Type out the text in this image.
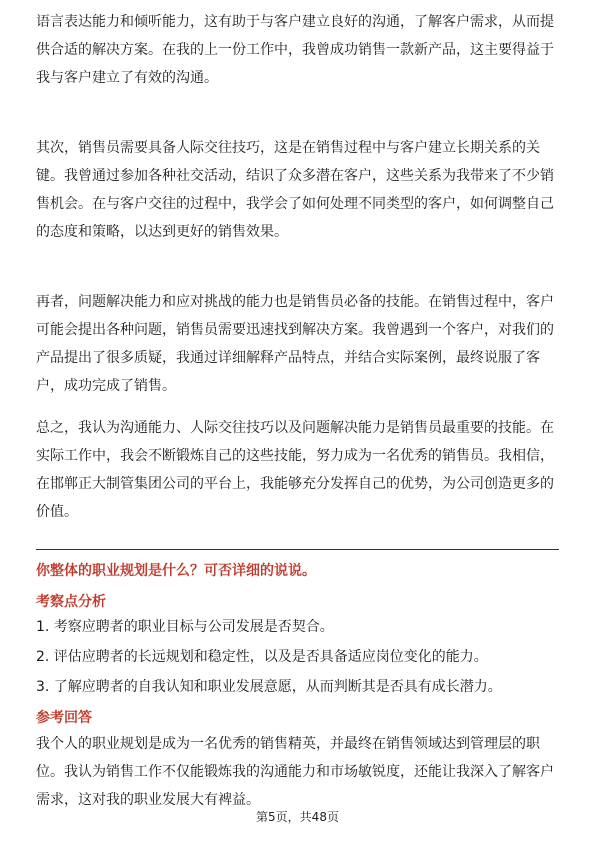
语言表达能力和倾听能力，这有助于与客户建立良好的沟通，了解客户需求，从而提供合适的解决方案。在我的上一份工作中，我曾成功销售一款新产品，这主要得益于我与客户建立了有效的沟通。

其次，销售员需要具备人际交往技巧，这是在销售过程中与客户建立长期关系的关键。我曾通过参加各种社交活动，结识了众多潜在客户，这些关系为我带来了不少销售机会。在与客户交往的过程中，我学会了如何处理不同类型的客户，如何调整自己的态度和策略，以达到更好的销售效果。

再者，问题解决能力和应对挑战的能力也是销售员必备的技能。在销售过程中，客户可能会提出各种问题，销售员需要迅速找到解决方案。我曾遇到一个客户，对我们的产品提出了很多质疑，我通过详细解释产品特点，并结合实际案例，最终说服了客户，成功完成了销售。

总之，我认为沟通能力、人际交往技巧以及问题解决能力是销售员最重要的技能。在实际工作中，我会不断锻炼自己的这些技能，努力成为一名优秀的销售员。我相信，在邯郸正大制管集团公司的平台上，我能够充分发挥自己的优势，为公司创造更多的价值。

你整体的职业规划是什么？可否详细的说说。

考察点分析

1. 考察应聘者的职业目标与公司发展是否契合。
2. 评估应聘者的长远规划和稳定性，以及是否具备适应岗位变化的能力。
3. 了解应聘者的自我认知和职业发展意愿，从而判断其是否具有成长潜力。

参考回答

我个人的职业规划是成为一名优秀的销售精英，并最终在销售领域达到管理层的职位。我认为销售工作不仅能锻炼我的沟通能力和市场敏锐度，还能让我深入了解客户需求，这对我的职业发展大有裨益。

第5页，共48页
